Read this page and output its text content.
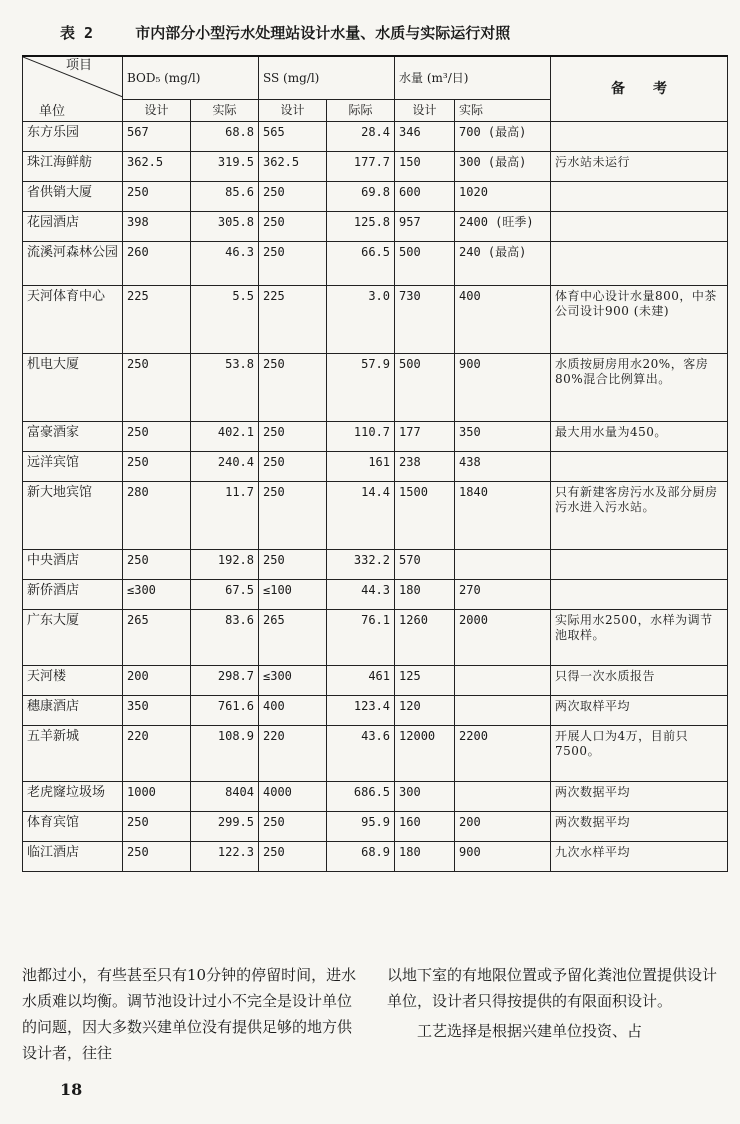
表 2	市内部分小型污水处理站设计水量、水质与实际运行对照
项目
单位	BOD₅ (mg/l)		SS (mg/l)		水量 (m³/日)		备　　考
	设计	实际	设计	际际	设计	实际	
东方乐园	567	68.8	565	28.4	346	700 (最高)	
珠江海鲜舫	362.5	319.5	362.5	177.7	150	300 (最高)	污水站未运行
省供销大厦	250	85.6	250	69.8	600	1020	
花园酒店	398	305.8	250	125.8	957	2400 (旺季)	
流溪河森林公园	260	46.3	250	66.5	500	240 (最高)	
天河体育中心	225	5.5	225	3.0	730	400	体育中心设计水量800，中茶公司设计900 (未建)
机电大厦	250	53.8	250	57.9	500	900	水质按厨房用水20%，客房80%混合比例算出。
富豪酒家	250	402.1	250	110.7	177	350	最大用水量为450。
远洋宾馆	250	240.4	250	161	238	438	
新大地宾馆	280	11.7	250	14.4	1500	1840	只有新建客房污水及部分厨房污水进入污水站。
中央酒店	250	192.8	250	332.2	570		
新侨酒店	≤300	67.5	≤100	44.3	180	270	
广东大厦	265	83.6	265	76.1	1260	2000	实际用水2500，水样为调节池取样。
天河楼	200	298.7	≤300	461	125		只得一次水质报告
穗康酒店	350	761.6	400	123.4	120		两次取样平均
五羊新城	220	108.9	220	43.6	12000	2200	开展人口为4万，目前只7500。
老虎窿垃圾场	1000	8404	4000	686.5	300		两次数据平均
体育宾馆	250	299.5	250	95.9	160	200	两次数据平均
临江酒店	250	122.3	250	68.9	180	900	九次水样平均
池都过小，有些甚至只有10分钟的停留时间，进水水质难以均衡。调节池设计过小不完全是设计单位的问题，因大多数兴建单位没有提供足够的地方供设计者，往往
以地下室的有地限位置或予留化粪池位置提供设计单位，设计者只得按提供的有限面积设计。
工艺选择是根据兴建单位投资、占
18
